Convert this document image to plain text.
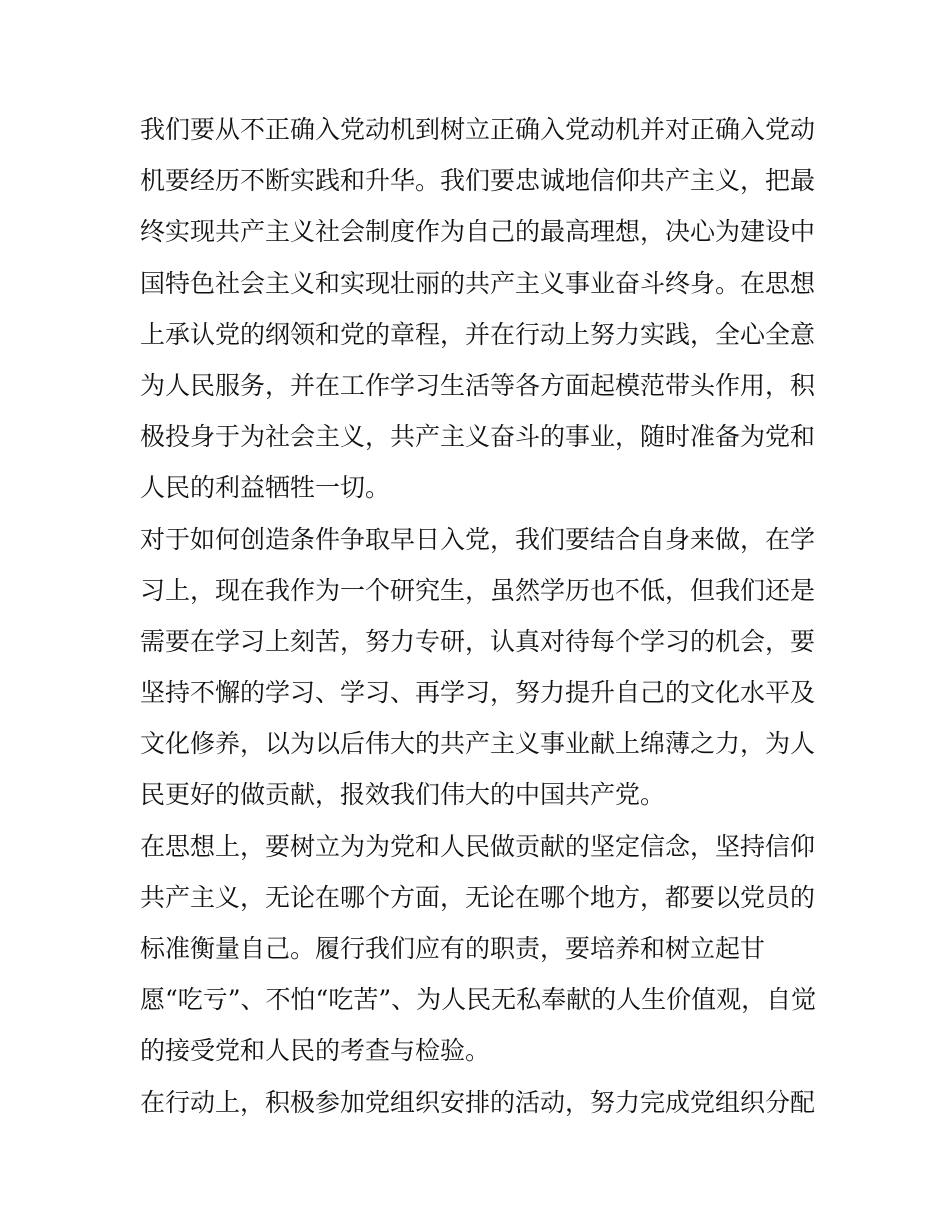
我们要从不正确入党动机到树立正确入党动机并对正确入党动
机要经历不断实践和升华。我们要忠诚地信仰共产主义，把最
终实现共产主义社会制度作为自己的最高理想，决心为建设中
国特色社会主义和实现壮丽的共产主义事业奋斗终身。在思想
上承认党的纲领和党的章程，并在行动上努力实践，全心全意
为人民服务，并在工作学习生活等各方面起模范带头作用，积
极投身于为社会主义，共产主义奋斗的事业，随时准备为党和
人民的利益牺牲一切。
对于如何创造条件争取早日入党，我们要结合自身来做，在学
习上，现在我作为一个研究生，虽然学历也不低，但我们还是
需要在学习上刻苦，努力专研，认真对待每个学习的机会，要
坚持不懈的学习、学习、再学习，努力提升自己的文化水平及
文化修养，以为以后伟大的共产主义事业献上绵薄之力，为人
民更好的做贡献，报效我们伟大的中国共产党。
在思想上，要树立为为党和人民做贡献的坚定信念，坚持信仰
共产主义，无论在哪个方面，无论在哪个地方，都要以党员的
标准衡量自己。履行我们应有的职责，要培养和树立起甘
愿“吃亏”、不怕“吃苦”、为人民无私奉献的人生价值观，自觉
的接受党和人民的考查与检验。
在行动上，积极参加党组织安排的活动，努力完成党组织分配
